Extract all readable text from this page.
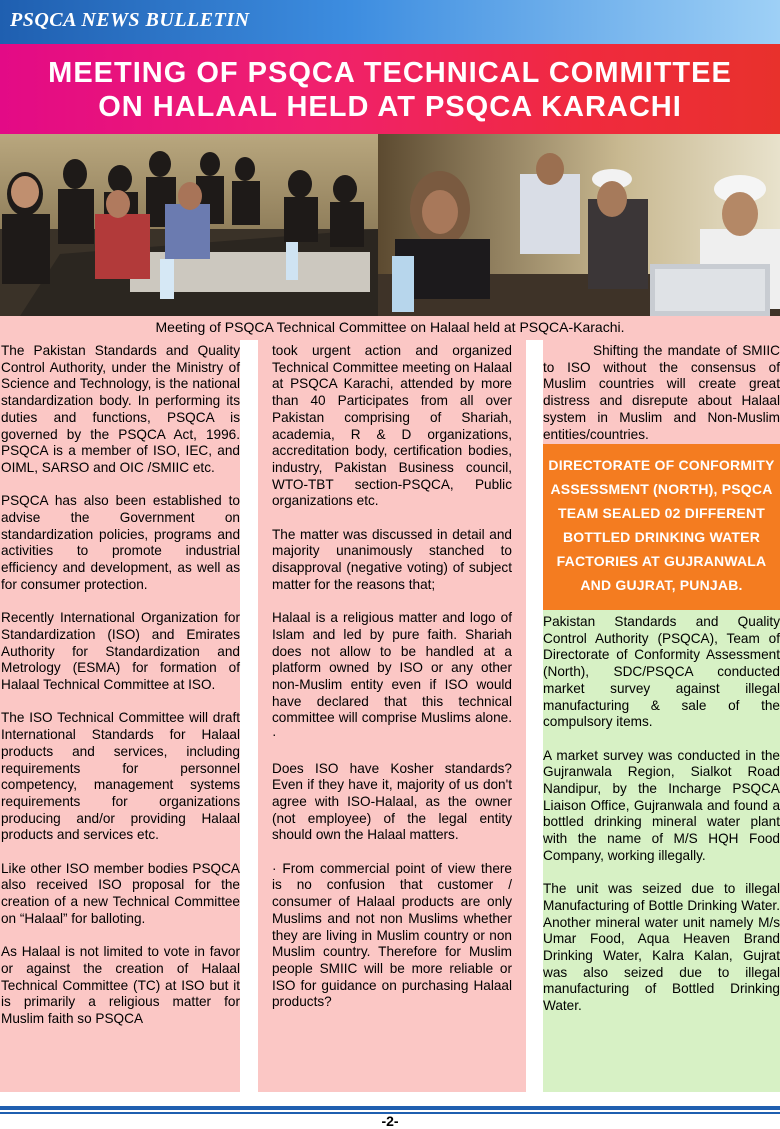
PSQCA NEWS BULLETIN
MEETING OF PSQCA TECHNICAL COMMITTEE
ON HALAAL HELD AT PSQCA KARACHI
Meeting of PSQCA Technical Committee on Halaal held at PSQCA-Karachi.

The Pakistan Standards and Quality Control Authority, under the Ministry of Science and Technology, is the national standardization body. In performing its duties and functions, PSQCA is governed by the PSQCA Act, 1996. PSQCA is a member of ISO, IEC, and OIML, SARSO and OIC /SMIIC etc.

PSQCA has also been established to advise the Government on standardization policies, programs and activities to promote industrial efficiency and development, as well as for consumer protection.

Recently International Organization for Standardization (ISO) and Emirates Authority for Standardization and Metrology (ESMA) for formation of Halaal Technical Committee at ISO.

The ISO Technical Committee will draft International Standards for Halaal products and services, including requirements for personnel competency, management systems requirements for organizations producing and/or providing Halaal products and services etc.

Like other ISO member bodies PSQCA also received ISO proposal for the creation of a new Technical Committee on “Halaal” for balloting.

As Halaal is not limited to vote in favor or against the creation of Halaal Technical Committee (TC) at ISO but it is primarily a religious matter for Muslim faith so PSQCA

took urgent action and organized Technical Committee meeting on Halaal at PSQCA Karachi, attended by more than 40 Participates from all over Pakistan comprising of Shariah, academia, R & D organizations, accreditation body, certification bodies, industry, Pakistan Business council, WTO-TBT section-PSQCA, Public organizations etc.

The matter was discussed in detail and majority unanimously stanched to disapproval (negative voting) of subject matter for the reasons that;

Halaal is a religious matter and logo of Islam and led by pure faith. Shariah does not allow to be handled at a platform owned by ISO or any other non-Muslim entity even if ISO would have declared that this technical committee will comprise Muslims alone. ·

Does ISO have Kosher standards? Even if they have it, majority of us don't agree with ISO-Halaal, as the owner (not employee) of the legal entity should own the Halaal matters.

· From commercial point of view there is no confusion that customer / consumer of Halaal products are only Muslims and not non Muslims whether they are living in Muslim country or non Muslim country. Therefore for Muslim people SMIIC will be more reliable or ISO for guidance on purchasing Halaal products?

Shifting the mandate of SMIIC to ISO without the consensus of Muslim countries will create great distress and disrepute about Halaal system in Muslim and Non-Muslim entities/countries.

DIRECTORATE OF CONFORMITY
ASSESSMENT (NORTH), PSQCA
TEAM SEALED 02 DIFFERENT
BOTTLED DRINKING WATER
FACTORIES AT GUJRANWALA
AND GUJRAT, PUNJAB.

Pakistan Standards and Quality Control Authority (PSQCA), Team of Directorate of Conformity Assessment (North), SDC/PSQCA conducted market survey against illegal manufacturing & sale of the compulsory items.

A market survey was conducted in the Gujranwala Region, Sialkot Road Nandipur, by the Incharge PSQCA Liaison Office, Gujranwala and found a bottled drinking mineral water plant with the name of M/S HQH Food Company, working illegally.

The unit was seized due to illegal Manufacturing of Bottle Drinking Water. Another mineral water unit namely M/s Umar Food, Aqua Heaven Brand Drinking Water, Kalra Kalan, Gujrat was also seized due to illegal manufacturing of Bottled Drinking Water.

-2-
